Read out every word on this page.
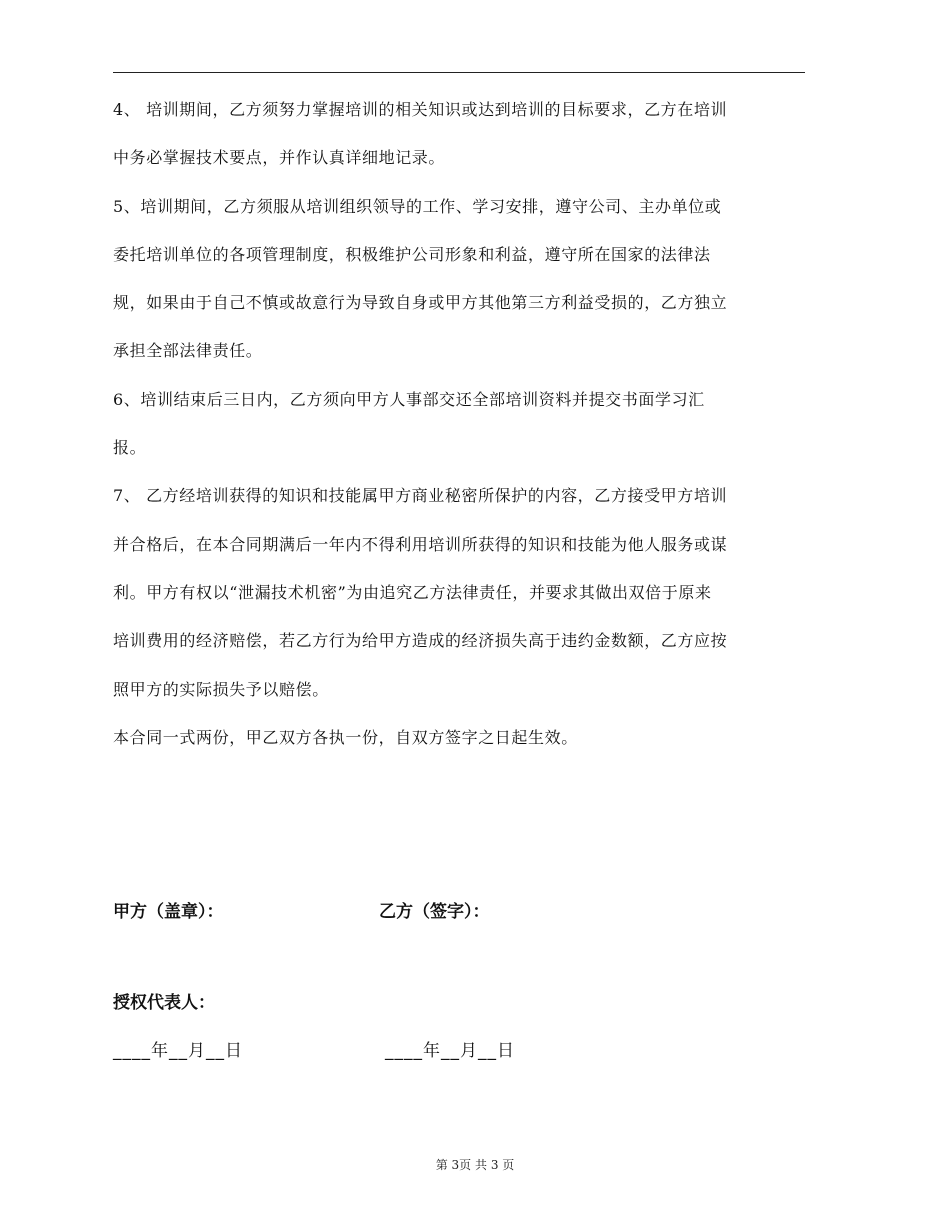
4、 培训期间，乙方须努力掌握培训的相关知识或达到培训的目标要求，乙方在培训
中务必掌握技术要点，并作认真详细地记录。

5、培训期间，乙方须服从培训组织领导的工作、学习安排，遵守公司、主办单位或
委托培训单位的各项管理制度，积极维护公司形象和利益，遵守所在国家的法律法
规，如果由于自己不慎或故意行为导致自身或甲方其他第三方利益受损的，乙方独立
承担全部法律责任。

6、培训结束后三日内，乙方须向甲方人事部交还全部培训资料并提交书面学习汇
报。

7、 乙方经培训获得的知识和技能属甲方商业秘密所保护的内容，乙方接受甲方培训
并合格后，在本合同期满后一年内不得利用培训所获得的知识和技能为他人服务或谋
利。甲方有权以“泄漏技术机密”为由追究乙方法律责任，并要求其做出双倍于原来
培训费用的经济赔偿，若乙方行为给甲方造成的经济损失高于违约金数额，乙方应按
照甲方的实际损失予以赔偿。

本合同一式两份，甲乙双方各执一份，自双方签字之日起生效。

甲方（盖章）：	乙方（签字）：
授权代表人：
____年__月__日	____年__月__日
第 3页 共 3 页
